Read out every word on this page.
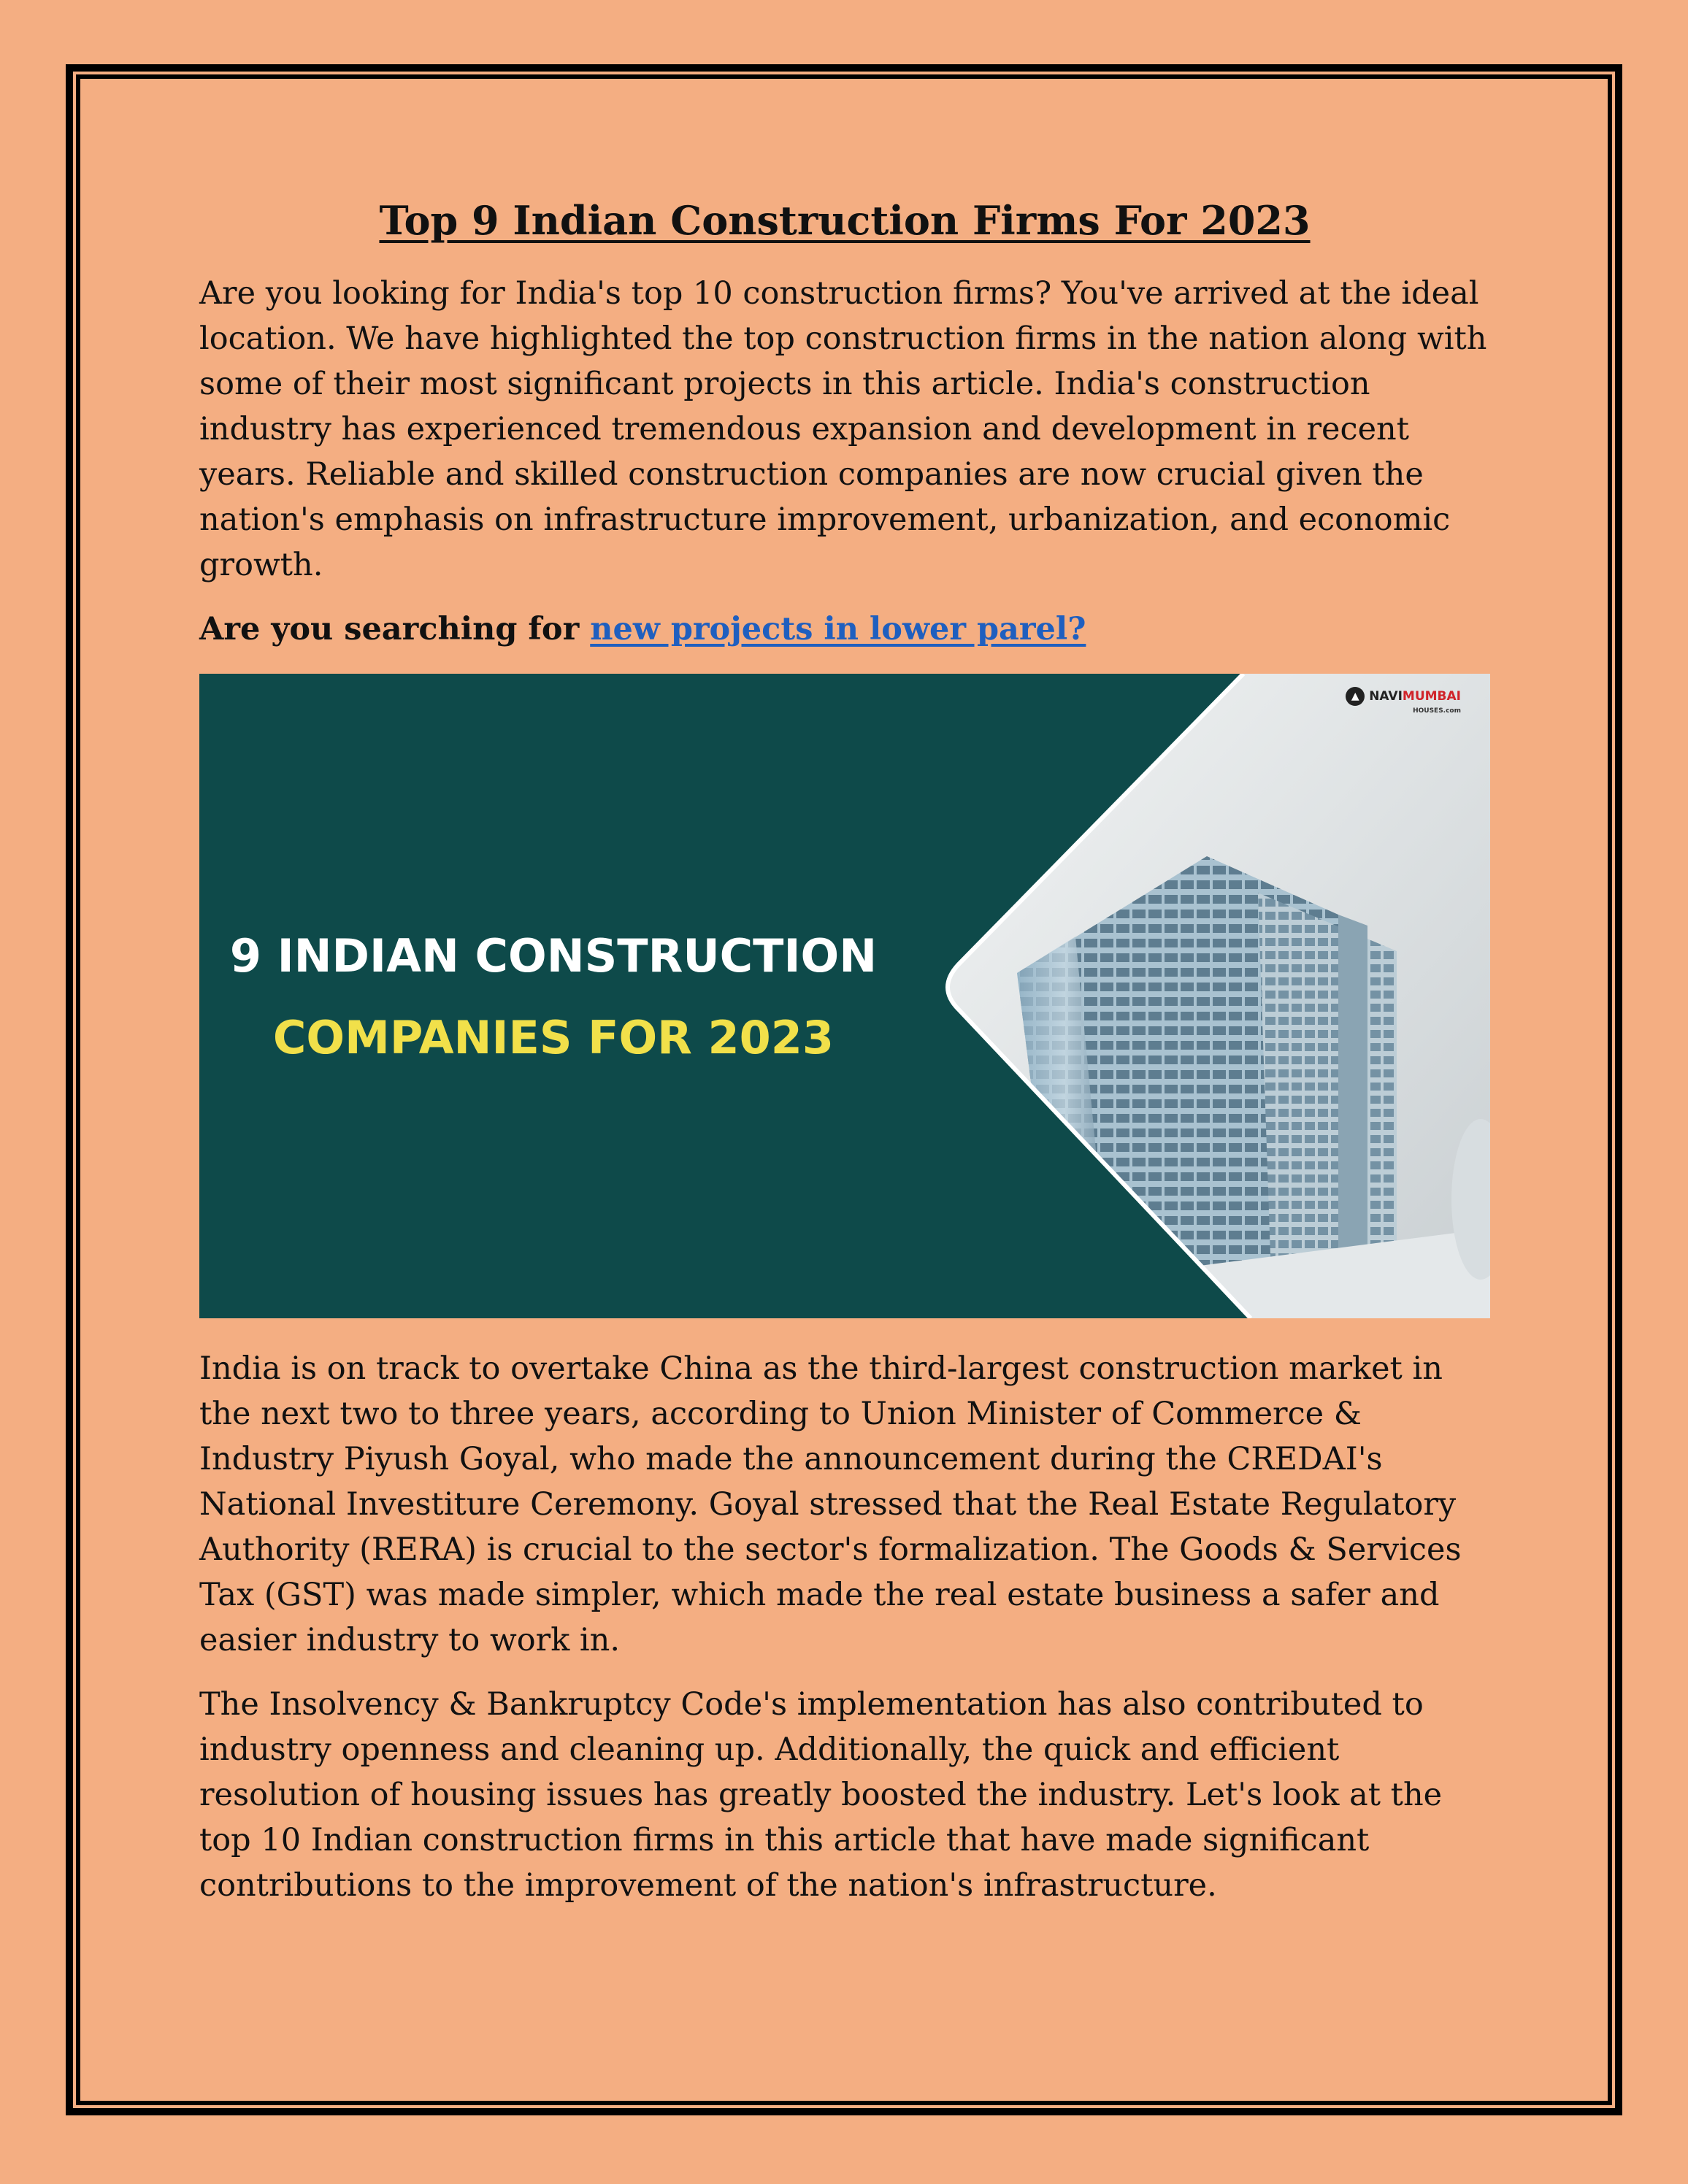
Top 9 Indian Construction Firms For 2023

Are you looking for India's top 10 construction firms? You've arrived at the ideal location. We have highlighted the top construction firms in the nation along with some of their most significant projects in this article. India's construction industry has experienced tremendous expansion and development in recent years. Reliable and skilled construction companies are now crucial given the nation's emphasis on infrastructure improvement, urbanization, and economic growth.

Are you searching for new projects in lower parel?

9 INDIAN CONSTRUCTION
COMPANIES FOR 2023
▲ NAVIMUMBAI
HOUSES.com

India is on track to overtake China as the third-largest construction market in the next two to three years, according to Union Minister of Commerce & Industry Piyush Goyal, who made the announcement during the CREDAI's National Investiture Ceremony. Goyal stressed that the Real Estate Regulatory Authority (RERA) is crucial to the sector's formalization. The Goods & Services Tax (GST) was made simpler, which made the real estate business a safer and easier industry to work in.

The Insolvency & Bankruptcy Code's implementation has also contributed to industry openness and cleaning up. Additionally, the quick and efficient resolution of housing issues has greatly boosted the industry. Let's look at the top 10 Indian construction firms in this article that have made significant contributions to the improvement of the nation's infrastructure.
